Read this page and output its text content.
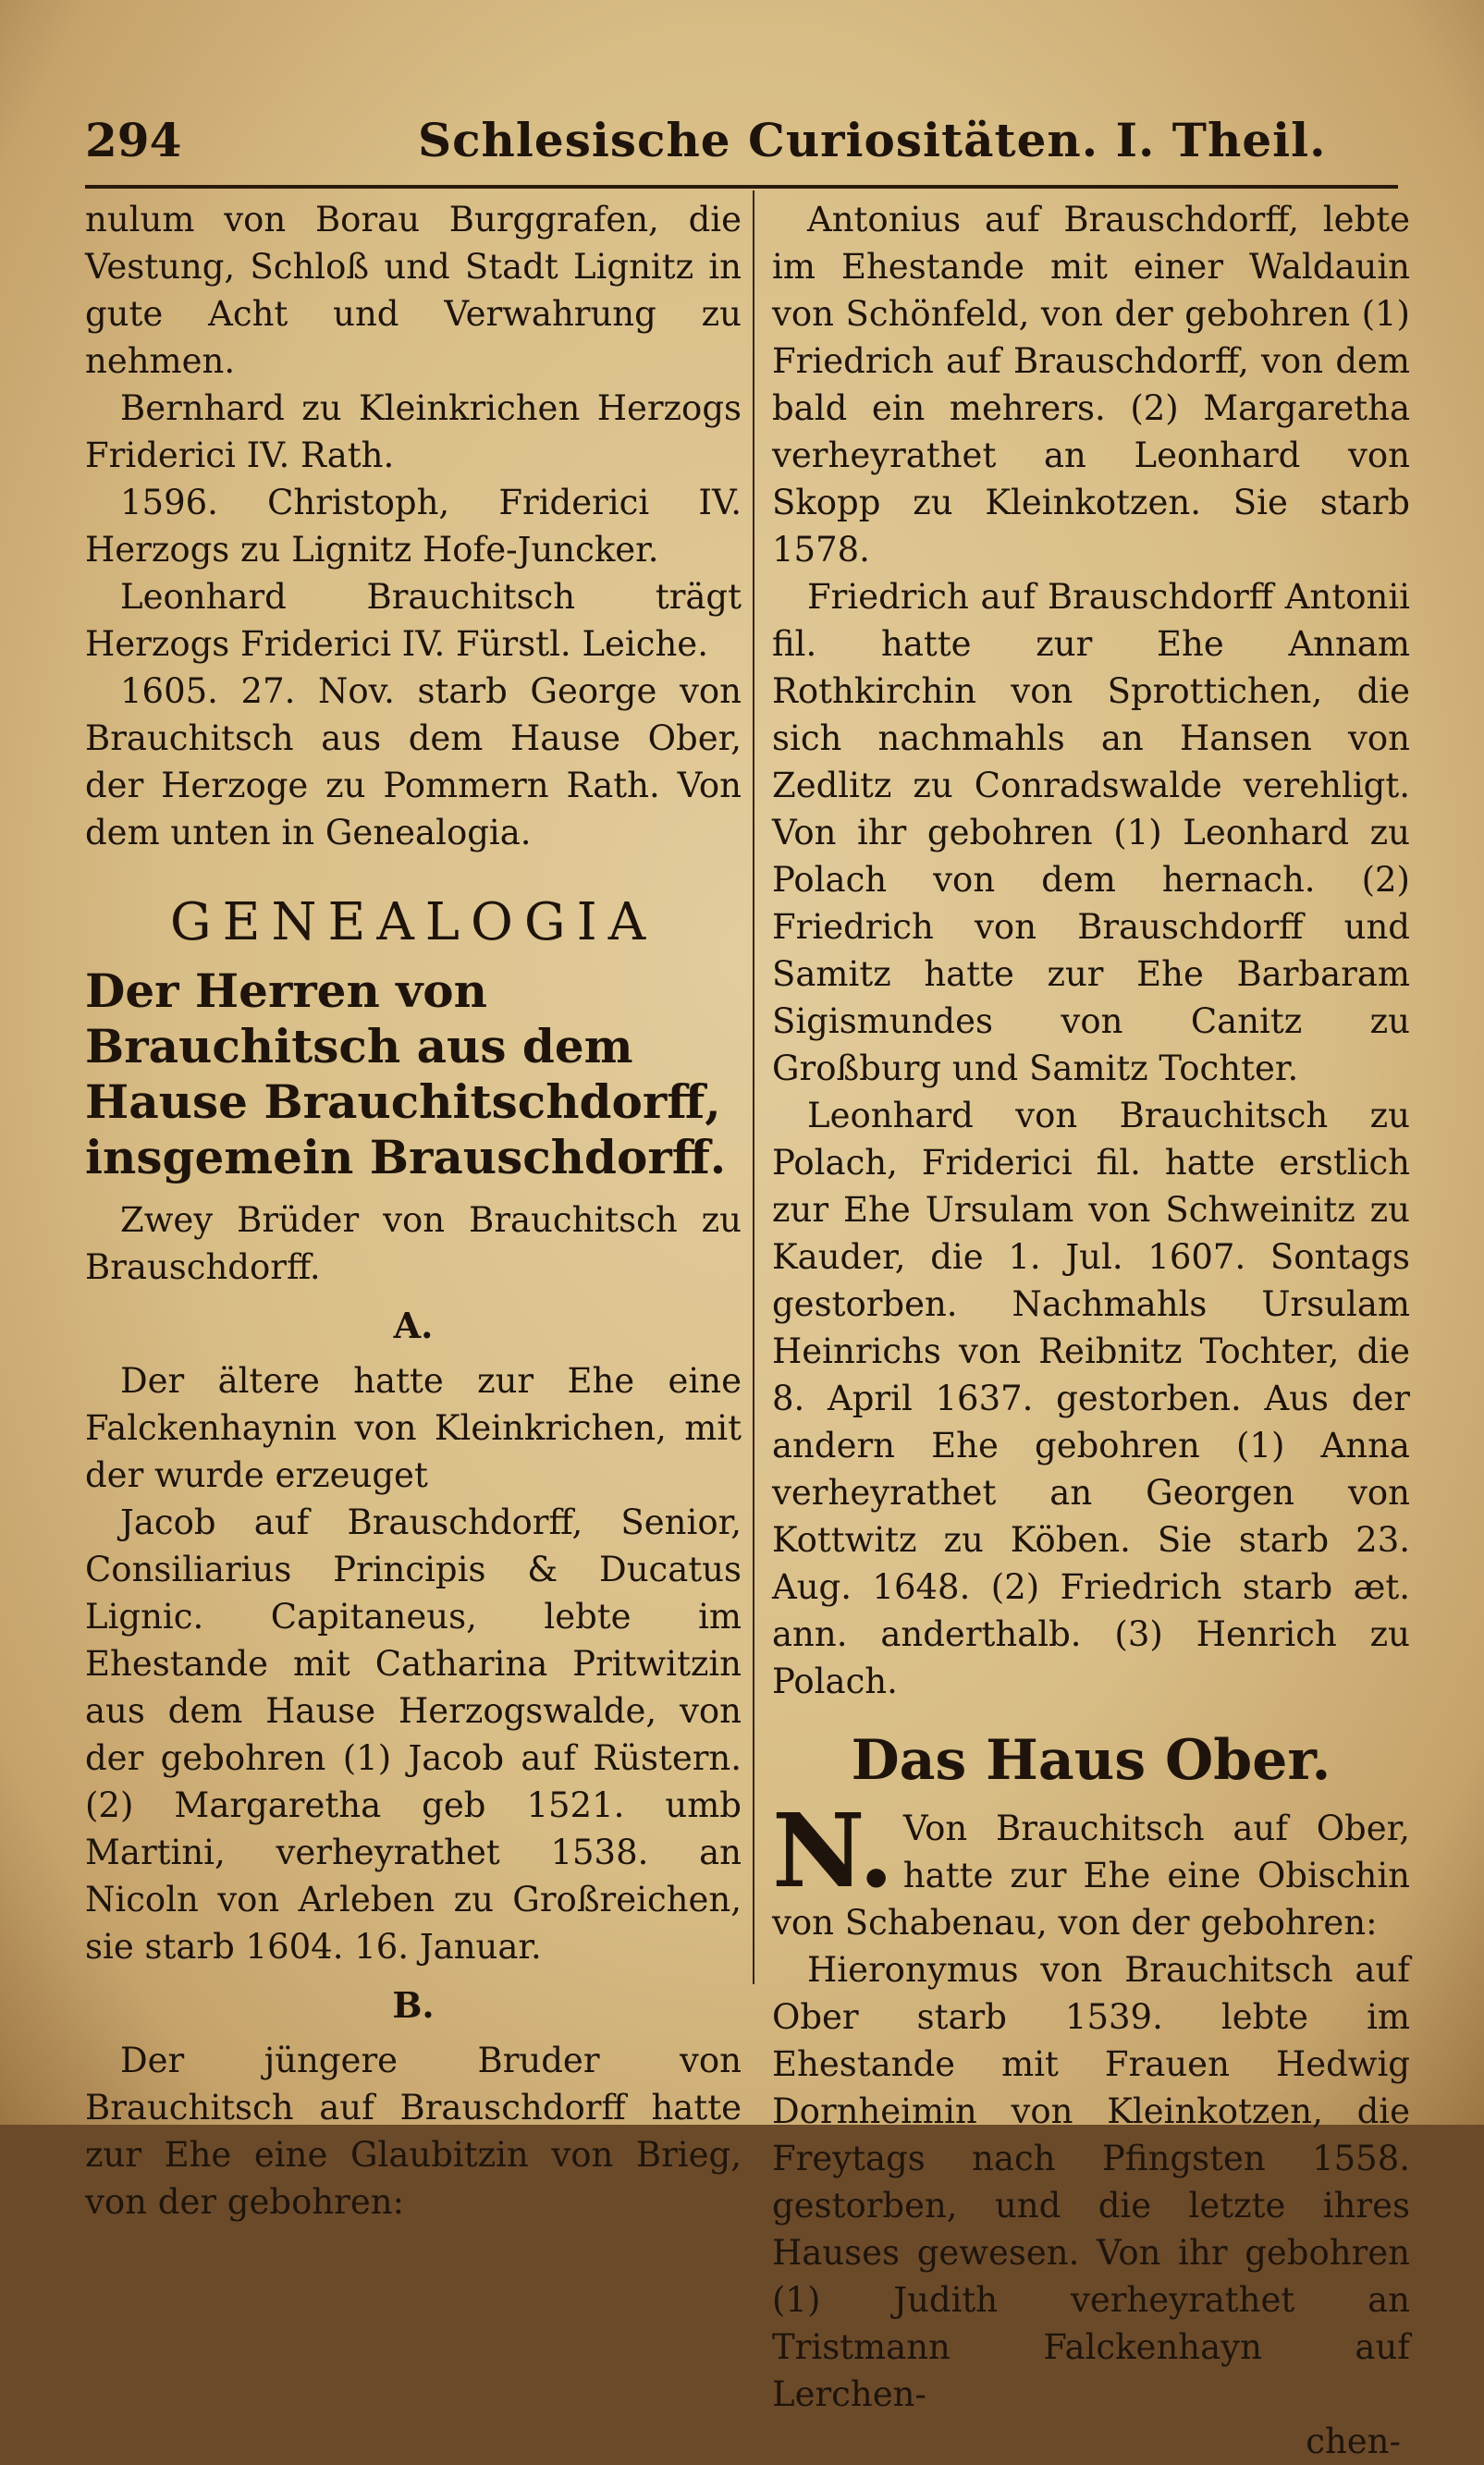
294	Schlesische Curiositäten. I. Theil.

nulum von Borau Burggrafen, die Vestung, Schloß und Stadt Lignitz in gute Acht und Verwahrung zu nehmen.

Bernhard zu Kleinkrichen Herzogs Friderici IV. Rath.

1596. Christoph, Friderici IV. Herzogs zu Lignitz Hofe-Juncker.

Leonhard Brauchitsch trägt Herzogs Friderici IV. Fürstl. Leiche.

1605. 27. Nov. starb George von Brauchitsch aus dem Hause Ober, der Herzoge zu Pommern Rath. Von dem unten in Genealogia.

GENEALOGIA
Der Herren von Brauchitsch aus dem Hause Brauchitschdorff, insgemein Brauschdorff.

Zwey Brüder von Brauchitsch zu Brauschdorff.

A.

Der ältere hatte zur Ehe eine Falckenhaynin von Kleinkrichen, mit der wurde erzeuget

Jacob auf Brauschdorff, Senior, Consiliarius Principis & Ducatus Lignic. Capitaneus, lebte im Ehestande mit Catharina Pritwitzin aus dem Hause Herzogswalde, von der gebohren (1) Jacob auf Rüstern. (2) Margaretha geb 1521. umb Martini, verheyrathet 1538. an Nicoln von Arleben zu Großreichen, sie starb 1604. 16. Januar.

B.

Der jüngere Bruder von Brauchitsch auf Brauschdorff hatte zur Ehe eine Glaubitzin von Brieg, von der gebohren:

Antonius auf Brauschdorff, lebte im Ehestande mit einer Waldauin von Schönfeld, von der gebohren (1) Friedrich auf Brauschdorff, von dem bald ein mehrers. (2) Margaretha verheyrathet an Leonhard von Skopp zu Kleinkotzen. Sie starb 1578.

Friedrich auf Brauschdorff Antonii fil. hatte zur Ehe Annam Rothkirchin von Sprottichen, die sich nachmahls an Hansen von Zedlitz zu Conradswalde verehligt. Von ihr gebohren (1) Leonhard zu Polach von dem hernach. (2) Friedrich von Brauschdorff und Samitz hatte zur Ehe Barbaram Sigismundes von Canitz zu Großburg und Samitz Tochter.

Leonhard von Brauchitsch zu Polach, Friderici fil. hatte erstlich zur Ehe Ursulam von Schweinitz zu Kauder, die 1. Jul. 1607. Sontags gestorben. Nachmahls Ursulam Heinrichs von Reibnitz Tochter, die 8. April 1637. gestorben. Aus der andern Ehe gebohren (1) Anna verheyrathet an Georgen von Kottwitz zu Köben. Sie starb 23. Aug. 1648. (2) Friedrich starb æt. ann. anderthalb. (3) Henrich zu Polach.

Das Haus Ober.
N. Von Brauchitsch auf Ober, hatte zur Ehe eine Obischin von Schabenau, von der gebohren:

Hieronymus von Brauchitsch auf Ober starb 1539. lebte im Ehestande mit Frauen Hedwig Dornheimin von Kleinkotzen, die Freytags nach Pfingsten 1558. gestorben, und die letzte ihres Hauses gewesen. Von ihr gebohren (1) Judith verheyrathet an Tristmann Falckenhayn auf Lerchen-

chen-
